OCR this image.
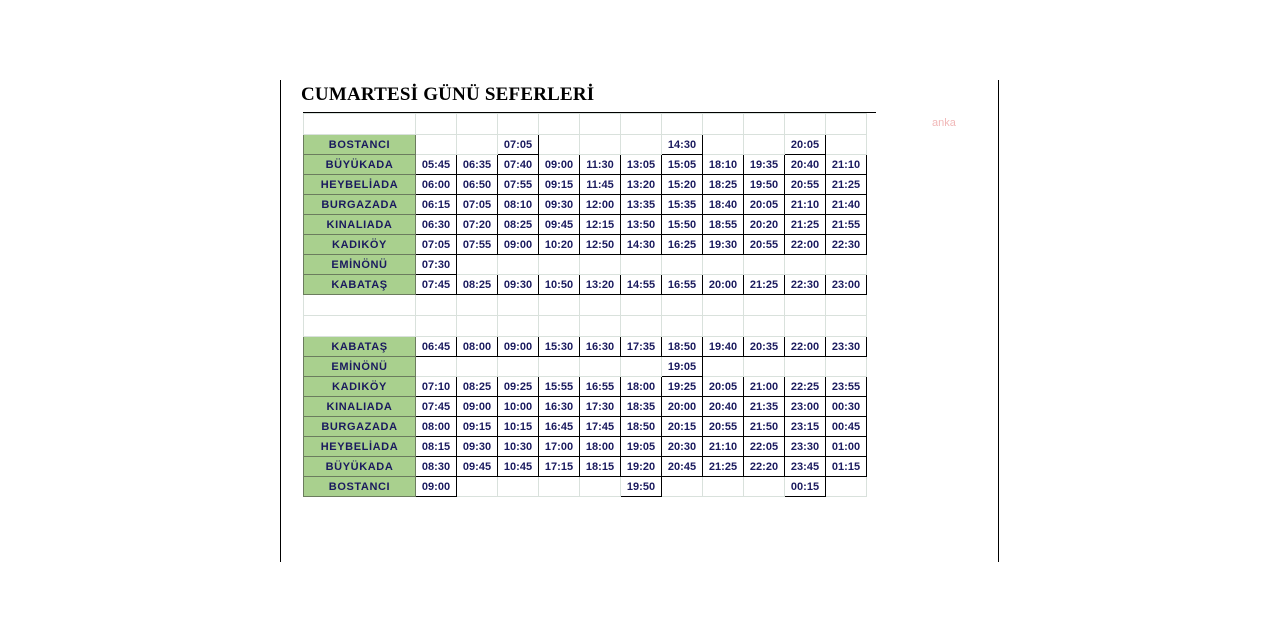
CUMARTESİ GÜNÜ SEFERLERİ
anka

BOSTANCI			07:05				14:30			20:05	
BÜYÜKADA	05:45	06:35	07:40	09:00	11:30	13:05	15:05	18:10	19:35	20:40	21:10
HEYBELİADA	06:00	06:50	07:55	09:15	11:45	13:20	15:20	18:25	19:50	20:55	21:25
BURGAZADA	06:15	07:05	08:10	09:30	12:00	13:35	15:35	18:40	20:05	21:10	21:40
KINALIADA	06:30	07:20	08:25	09:45	12:15	13:50	15:50	18:55	20:20	21:25	21:55
KADIKÖY	07:05	07:55	09:00	10:20	12:50	14:30	16:25	19:30	20:55	22:00	22:30
EMİNÖNÜ	07:30										
KABATAŞ	07:45	08:25	09:30	10:50	13:20	14:55	16:55	20:00	21:25	22:30	23:00

KABATAŞ	06:45	08:00	09:00	15:30	16:30	17:35	18:50	19:40	20:35	22:00	23:30
EMİNÖNÜ							19:05				
KADIKÖY	07:10	08:25	09:25	15:55	16:55	18:00	19:25	20:05	21:00	22:25	23:55
KINALIADA	07:45	09:00	10:00	16:30	17:30	18:35	20:00	20:40	21:35	23:00	00:30
BURGAZADA	08:00	09:15	10:15	16:45	17:45	18:50	20:15	20:55	21:50	23:15	00:45
HEYBELİADA	08:15	09:30	10:30	17:00	18:00	19:05	20:30	21:10	22:05	23:30	01:00
BÜYÜKADA	08:30	09:45	10:45	17:15	18:15	19:20	20:45	21:25	22:20	23:45	01:15
BOSTANCI	09:00					19:50				00:15	
